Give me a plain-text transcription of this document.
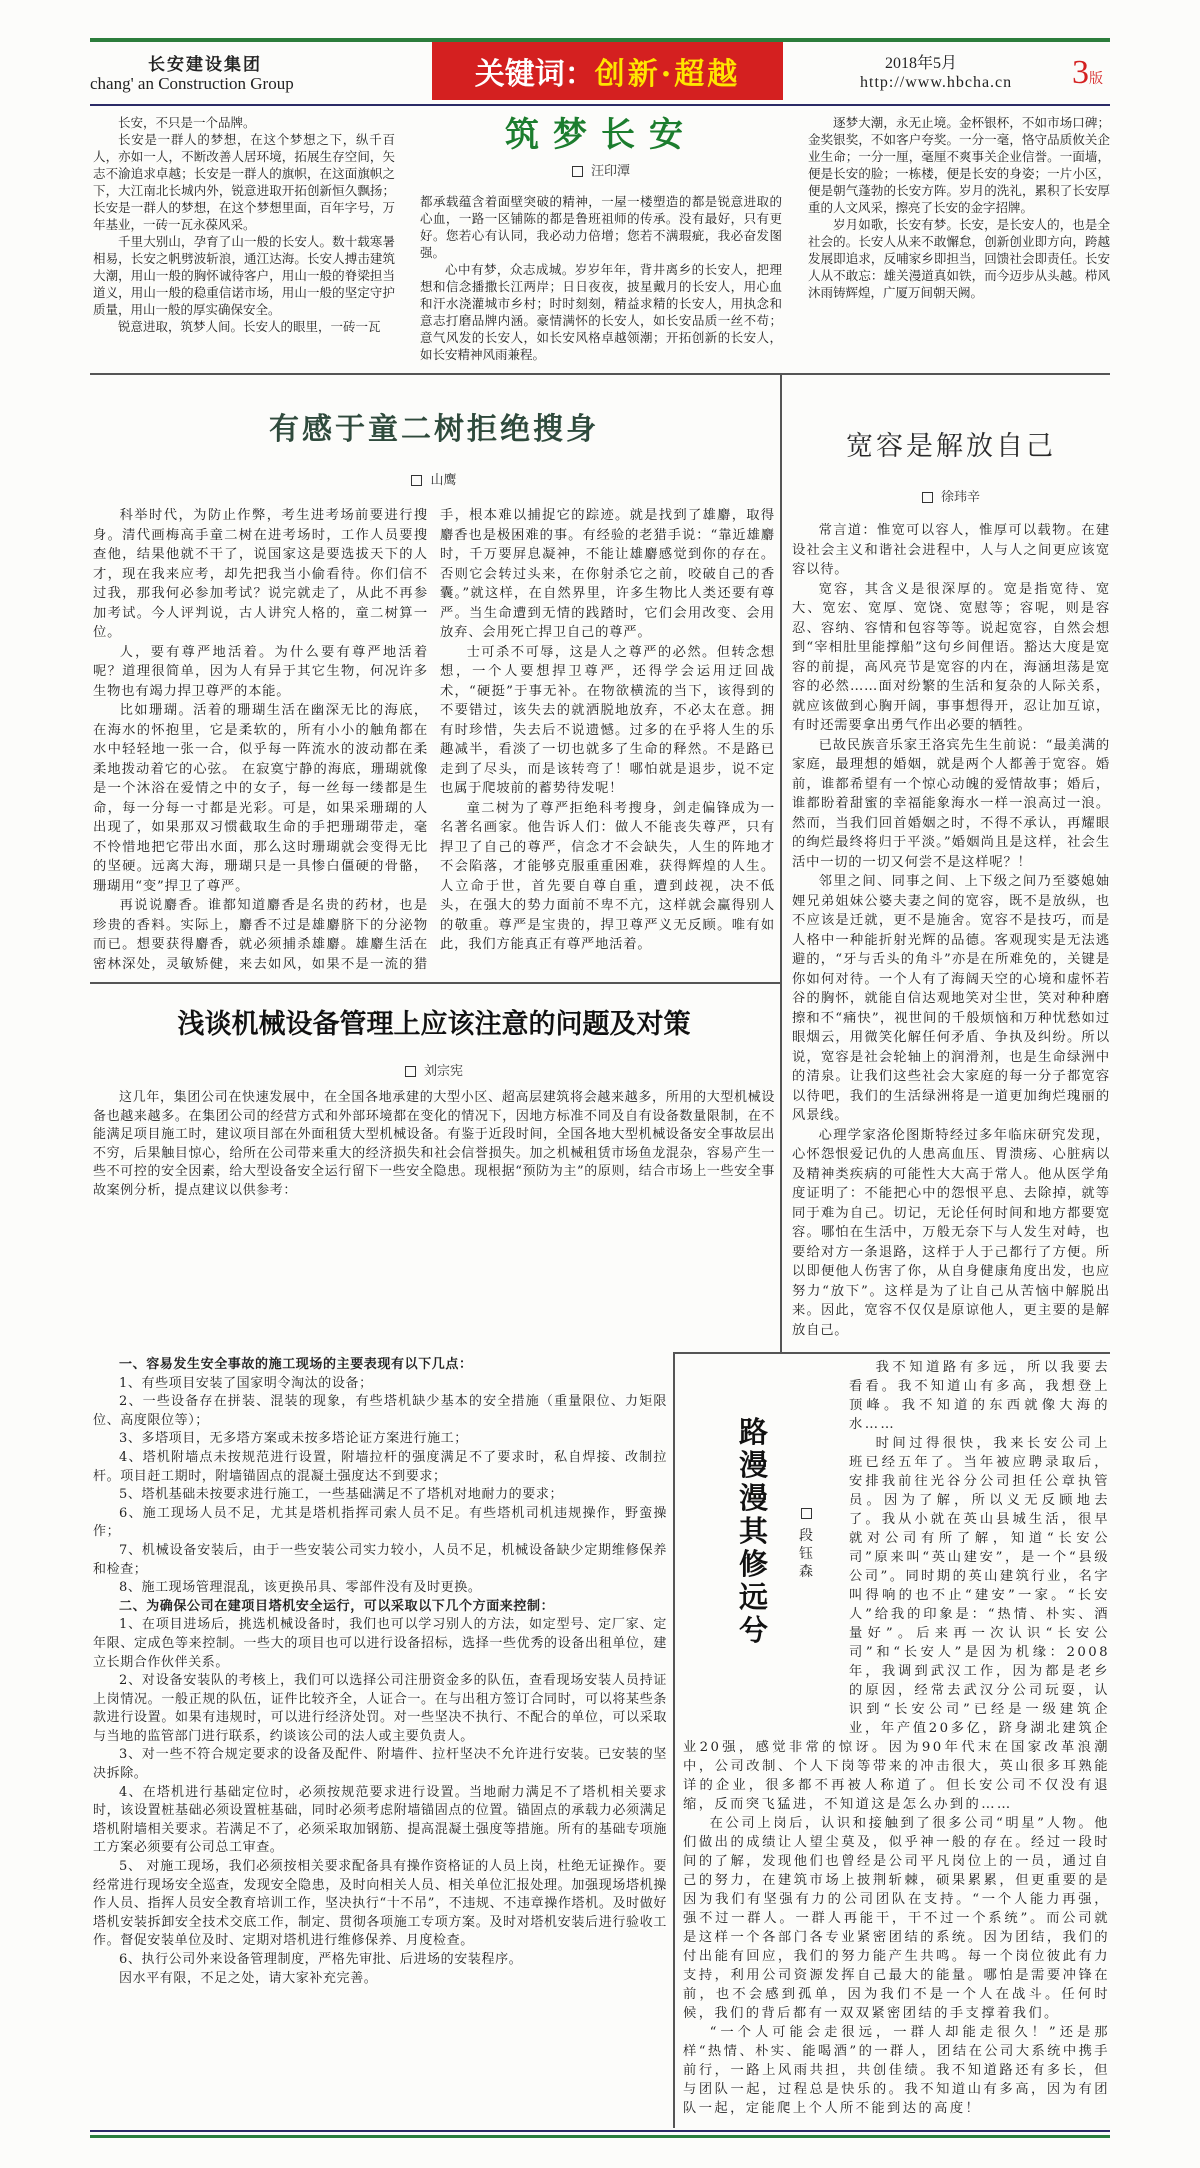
长安建设集团
chang' an Construction Group	关键词： 创新·超越	2018年5月
http://www.hbcha.cn 3版

长安，不只是一个品牌。

长安是一群人的梦想，在这个梦想之下，纵千百人，亦如一人，不断改善人居环境，拓展生存空间，矢志不渝追求卓越；长安是一群人的旗帜，在这面旗帜之下，大江南北长城内外，锐意进取开拓创新恒久飘扬；长安是一群人的梦想，在这个梦想里面，百年字号，万年基业，一砖一瓦永葆风采。

千里大别山，孕育了山一般的长安人。数十载寒暑相易，长安之帆劈波斩浪，通江达海。长安人搏击建筑大潮，用山一般的胸怀诚待客户，用山一般的脊梁担当道义，用山一般的稳重信诺市场，用山一般的坚定守护质量，用山一般的厚实确保安全。

锐意进取，筑梦人间。长安人的眼里，一砖一瓦

筑梦长安
汪印潭

都承载蕴含着面壁突破的精神，一屋一楼塑造的都是锐意进取的心血，一路一区铺陈的都是鲁班祖师的传承。没有最好，只有更好。您若心有认同，我必动力倍增；您若不满瑕疵，我必奋发图强。

心中有梦，众志成城。岁岁年年，背井离乡的长安人，把理想和信念播撒长江两岸；日日夜夜，披星戴月的长安人，用心血和汗水浇灌城市乡村；时时刻刻，精益求精的长安人，用执念和意志打磨品牌内涵。豪情满怀的长安人，如长安品质一丝不苟；意气风发的长安人，如长安风格卓越领潮；开拓创新的长安人，如长安精神风雨兼程。

逐梦大潮，永无止境。金杯银杯，不如市场口碑；金奖银奖，不如客户夸奖。一分一毫，恪守品质攸关企业生命；一分一厘，毫厘不爽事关企业信誉。一面墙，便是长安的脸；一栋楼，便是长安的身姿；一片小区，便是朝气蓬勃的长安方阵。岁月的洗礼，累积了长安厚重的人文风采，擦亮了长安的金字招牌。

岁月如歌，长安有梦。长安，是长安人的，也是全社会的。长安人从来不敢懈怠，创新创业即方向，跨越发展即追求，反哺家乡即担当，回馈社会即责任。长安人从不敢忘：雄关漫道真如铁，而今迈步从头越。栉风沐雨铸辉煌，广厦万间朝天阙。

有感于童二树拒绝搜身
山鹰

科举时代，为防止作弊，考生进考场前要进行搜身。清代画梅高手童二树在进考场时，工作人员要搜查他，结果他就不干了，说国家这是要选拔天下的人才，现在我来应考，却先把我当小偷看待。你们信不过我，那我何必参加考试？说完就走了，从此不再参加考试。今人评判说，古人讲究人格的，童二树算一位。

人，要有尊严地活着。为什么要有尊严地活着呢？道理很简单，因为人有异于其它生物，何况许多生物也有竭力捍卫尊严的本能。

比如珊瑚。活着的珊瑚生活在幽深无比的海底，在海水的怀抱里，它是柔软的，所有小小的触角都在水中轻轻地一张一合，似乎每一阵流水的波动都在柔柔地拨动着它的心弦。 在寂寞宁静的海底，珊瑚就像是一个沐浴在爱情之中的女子，每一丝每一缕都是生命，每一分每一寸都是光彩。可是，如果采珊瑚的人出现了，如果那双习惯截取生命的手把珊瑚带走，毫不怜惜地把它带出水面，那么这时珊瑚就会变得无比的坚硬。远离大海，珊瑚只是一具惨白僵硬的骨骼，珊瑚用“变”捍卫了尊严。

再说说麝香。谁都知道麝香是名贵的药材，也是珍贵的香料。实际上，麝香不过是雄麝脐下的分泌物而已。想要获得麝香，就必须捕杀雄麝。雄麝生活在密林深处，灵敏矫健，来去如风，如果不是一流的猎手，根本难以捕捉它的踪迹。就是找到了雄麝，取得麝香也是极困难的事。有经验的老猎手说：“靠近雄麝时，千万要屏息凝神，不能让雄麝感觉到你的存在。否则它会转过头来，在你射杀它之前，咬破自己的香囊。”就这样，在自然界里，许多生物比人类还要有尊严。当生命遭到无情的践踏时，它们会用改变、会用放弃、会用死亡捍卫自己的尊严。

士可杀不可辱，这是人之尊严的必然。但转念想想，一个人要想捍卫尊严，还得学会运用迂回战术，“硬挺”于事无补。在物欲横流的当下，该得到的不要错过，该失去的就洒脱地放弃，不必太在意。拥有时珍惜，失去后不说遗憾。过多的在乎将人生的乐趣减半，看淡了一切也就多了生命的释然。不是路已走到了尽头，而是该转弯了！哪怕就是退步，说不定也属于爬坡前的蓄势待发呢！

童二树为了尊严拒绝科考搜身，剑走偏锋成为一名著名画家。他告诉人们：做人不能丧失尊严，只有捍卫了自己的尊严，信念才不会缺失，人生的阵地才不会陷落，才能够克服重重困难，获得辉煌的人生。人立命于世，首先要自尊自重，遭到歧视，决不低头，在强大的势力面前不卑不亢，这样就会赢得别人的敬重。尊严是宝贵的，捍卫尊严义无反顾。唯有如此，我们方能真正有尊严地活着。

浅谈机械设备管理上应该注意的问题及对策
刘宗宪

这几年，集团公司在快速发展中，在全国各地承建的大型小区、超高层建筑将会越来越多，所用的大型机械设备也越来越多。在集团公司的经营方式和外部环境都在变化的情况下，因地方标准不同及自有设备数量限制，在不能满足项目施工时，建议项目部在外面租赁大型机械设备。有鉴于近段时间，全国各地大型机械设备安全事故层出不穷，后果触目惊心，给所在公司带来重大的经济损失和社会信誉损失。加之机械租赁市场鱼龙混杂，容易产生一些不可控的安全因素，给大型设备安全运行留下一些安全隐患。现根据“预防为主”的原则，结合市场上一些安全事故案例分析，提点建议以供参考：

宽容是解放自己
徐玮辛

常言道：惟宽可以容人，惟厚可以载物。在建设社会主义和谐社会进程中，人与人之间更应该宽容以待。

宽容，其含义是很深厚的。宽是指宽待、宽大、宽宏、宽厚、宽饶、宽慰等；容呢，则是容忍、容纳、容情和包容等等。说起宽容，自然会想到“宰相肚里能撑船”这句乡间俚语。豁达大度是宽容的前提，高风亮节是宽容的内在，海涵坦荡是宽容的必然……面对纷繁的生活和复杂的人际关系，就应该做到心胸开阔，事事想得开，忍让加互谅，有时还需要拿出勇气作出必要的牺牲。

已故民族音乐家王洛宾先生生前说：“最美满的家庭，最理想的婚姻，就是两个人都善于宽容。婚前，谁都希望有一个惊心动魄的爱情故事；婚后，谁都盼着甜蜜的幸福能象海水一样一浪高过一浪。然而，当我们回首婚姻之时，不得不承认，再耀眼的绚烂最终将归于平淡。”婚姻尚且是这样，社会生活中一切的一切又何尝不是这样呢？！

邻里之间、同事之间、上下级之间乃至婆媳妯娌兄弟姐妹公婆夫妻之间的宽容，既不是放纵，也不应该是迁就，更不是施舍。宽容不是技巧，而是人格中一种能折射光辉的品德。客观现实是无法逃避的，“牙与舌头的角斗”亦是在所难免的，关键是你如何对待。一个人有了海阔天空的心境和虚怀若谷的胸怀，就能自信达观地笑对尘世，笑对种种磨擦和不“痛快”，视世间的千般烦恼和万种忧愁如过眼烟云，用微笑化解任何矛盾、争执及纠纷。所以说，宽容是社会轮轴上的润滑剂，也是生命绿洲中的清泉。让我们这些社会大家庭的每一分子都宽容以待吧，我们的生活绿洲将是一道更加绚烂瑰丽的风景线。

心理学家洛伦图斯特经过多年临床研究发现，心怀怨恨爱记仇的人患高血压、胃溃疡、心脏病以及精神类疾病的可能性大大高于常人。他从医学角度证明了：不能把心中的怨恨平息、去除掉，就等同于难为自己。切记，无论任何时间和地方都要宽容。哪怕在生活中，万般无奈下与人发生对峙，也要给对方一条退路，这样于人于己都行了方便。所以即便他人伤害了你，从自身健康角度出发，也应努力“放下”。这样是为了让自己从苦恼中解脱出来。因此，宽容不仅仅是原谅他人，更主要的是解放自己。

一、容易发生安全事故的施工现场的主要表现有以下几点：

1、有些项目安装了国家明令淘汰的设备；

2、一些设备存在拼装、混装的现象，有些塔机缺少基本的安全措施（重量限位、力矩限位、高度限位等）；

3、多塔项目，无多塔方案或未按多塔论证方案进行施工；

4、塔机附墙点未按规范进行设置，附墙拉杆的强度满足不了要求时，私自焊接、改制拉杆。项目赶工期时，附墙锚固点的混凝土强度达不到要求；

5、塔机基础未按要求进行施工，一些基础满足不了塔机对地耐力的要求；

6、施工现场人员不足，尤其是塔机指挥司索人员不足。有些塔机司机违规操作，野蛮操作；

7、机械设备安装后，由于一些安装公司实力较小，人员不足，机械设备缺少定期维修保养和检查；

8、施工现场管理混乱，该更换吊具、零部件没有及时更换。

二、为确保公司在建项目塔机安全运行，可以采取以下几个方面来控制：

1、在项目进场后，挑选机械设备时，我们也可以学习别人的方法，如定型号、定厂家、定年限、定成色等来控制。一些大的项目也可以进行设备招标，选择一些优秀的设备出租单位，建立长期合作伙伴关系。

2、对设备安装队的考核上，我们可以选择公司注册资金多的队伍，查看现场安装人员持证上岗情况。一般正规的队伍，证件比较齐全，人证合一。在与出租方签订合同时，可以将某些条款进行设置。如果有违规时，可以进行经济处罚。对一些坚决不执行、不配合的单位，可以采取与当地的监管部门进行联系，约谈该公司的法人或主要负责人。

3、对一些不符合规定要求的设备及配件、附墙件、拉杆坚决不允许进行安装。已安装的坚决拆除。

4、在塔机进行基础定位时，必须按规范要求进行设置。当地耐力满足不了塔机相关要求时，该设置桩基础必须设置桩基础，同时必须考虑附墙锚固点的位置。锚固点的承载力必须满足塔机附墙相关要求。若满足不了，必须采取加钢筋、提高混凝土强度等措施。所有的基础专项施工方案必须要有公司总工审查。

5、 对施工现场，我们必须按相关要求配备具有操作资格证的人员上岗，杜绝无证操作。要经常进行现场安全巡查，发现安全隐患，及时向相关人员、相关单位汇报处理。加强现场塔机操作人员、指挥人员安全教育培训工作，坚决执行“十不吊”，不违规、不违章操作塔机。及时做好塔机安装拆卸安全技术交底工作，制定、贯彻各项施工专项方案。及时对塔机安装后进行验收工作。督促安装单位及时、定期对塔机进行维修保养、月度检查。

6、执行公司外来设备管理制度，严格先审批、后进场的安装程序。

因水平有限，不足之处，请大家补充完善。

路漫漫其修远兮
段钰森

我不知道路有多远，所以我要去看看。我不知道山有多高，我想登上顶峰。我不知道的东西就像大海的水……

时间过得很快，我来长安公司上班已经五年了。当年被应聘录取后，安排我前往光谷分公司担任公章执管员。因为了解，所以义无反顾地去了。我从小就在英山县城生活，很早就对公司有所了解，知道“长安公司”原来叫“英山建安”，是一个“县级公司”。同时期的英山建筑行业，名字叫得响的也不止“建安”一家。“长安人”给我的印象是：“热情、朴实、酒量好”。后来再一次认识“长安公司”和“长安人”是因为机缘：2008年，我调到武汉工作，因为都是老乡的原因，经常去武汉分公司玩耍，认识到“长安公司”已经是一级建筑企业，年产值20多亿，跻身湖北建筑企业20强，感觉非常的惊讶。因为90年代末在国家改革浪潮中，公司改制、个人下岗等带来的冲击很大，英山很多耳熟能详的企业，很多都不再被人称道了。但长安公司不仅没有退缩，反而突飞猛进，不知道这是怎么办到的……

在公司上岗后，认识和接触到了很多公司“明星”人物。他们做出的成绩让人望尘莫及，似乎神一般的存在。经过一段时间的了解，发现他们也曾经是公司平凡岗位上的一员，通过自己的努力，在建筑市场上披荆斩棘，硕果累累，但更重要的是因为我们有坚强有力的公司团队在支持。“一个人能力再强，强不过一群人。一群人再能干，干不过一个系统”。而公司就是这样一个各部门各专业紧密团结的系统。因为团结，我们的付出能有回应，我们的努力能产生共鸣。每一个岗位彼此有力支持，利用公司资源发挥自己最大的能量。哪怕是需要冲锋在前，也不会感到孤单，因为我们不是一个人在战斗。任何时候，我们的背后都有一双双紧密团结的手支撑着我们。

“一个人可能会走很远，一群人却能走很久！”还是那样“热情、朴实、能喝酒”的一群人，团结在公司大系统中携手前行，一路上风雨共担，共创佳绩。我不知道路还有多长，但与团队一起，过程总是快乐的。我不知道山有多高，因为有团队一起，定能爬上个人所不能到达的高度！
